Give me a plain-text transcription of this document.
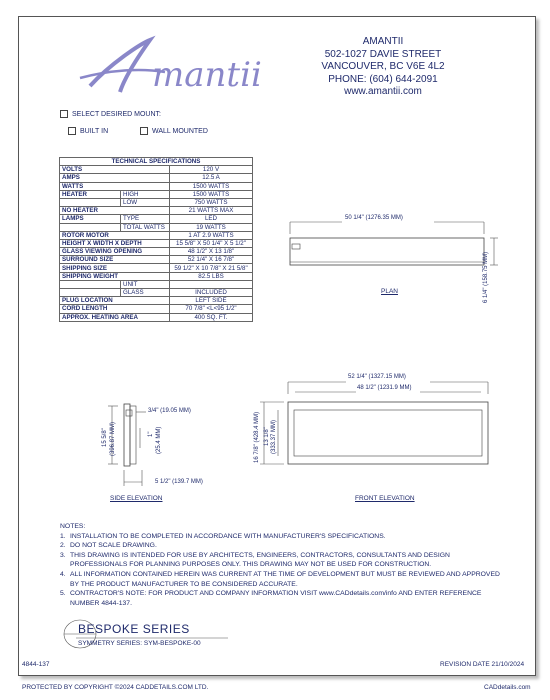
mantii
AMANTII
502-1027 DAVIE STREET
VANCOUVER, BC V6E 4L2
PHONE: (604) 644-2091
www.amantii.com
SELECT DESIRED MOUNT:
BUILT IN	WALL MOUNTED
TECHNICAL SPECIFICATIONS		
VOLTS		120 V
AMPS		12.5 A
WATTS		1500 WATTS
HEATER	HIGH	1500 WATTS
	LOW	750 WATTS
NO HEATER		21 WATTS MAX
LAMPS	TYPE	LED
	TOTAL WATTS	19 WATTS
ROTOR MOTOR		1 AT 2.9 WATTS
HEIGHT X WIDTH X DEPTH		15 5/8" X 50 1/4" X 5 1/2"
GLASS VIEWING OPENING		48 1/2" X 13 1/8"
SURROUND SIZE		52 1/4" X 16 7/8"
SHIPPING SIZE		59 1/2" X 10 7/8" X 21 5/8"
SHIPPING WEIGHT		82.5 LBS
	UNIT	
	GLASS	INCLUDED
PLUG LOCATION		LEFT SIDE
CORD LENGTH		70 7/8" <L<95 1/2"
APPROX. HEATING AREA		400 SQ. FT.
50 1/4" (1276.35 MM)
6 1/4" (158.75 MM)
PLAN
15 5/8" (396.87 MM)
3/4" (19.05 MM)
1" (25.4 MM)
5 1/2" (139.7 MM)
SIDE ELEVATION
52 1/4" (1327.15 MM)
48 1/2" (1231.9 MM)
16 7/8" (428.4 MM) 13 1/8" (333.37 MM)
FRONT ELEVATION
NOTES:
1. INSTALLATION TO BE COMPLETED IN ACCORDANCE WITH MANUFACTURER'S SPECIFICATIONS.
2. DO NOT SCALE DRAWING.
3. THIS DRAWING IS INTENDED FOR USE BY ARCHITECTS, ENGINEERS, CONTRACTORS, CONSULTANTS AND DESIGN PROFESSIONALS FOR PLANNING PURPOSES ONLY. THIS DRAWING MAY NOT BE USED FOR CONSTRUCTION.
4. ALL INFORMATION CONTAINED HEREIN WAS CURRENT AT THE TIME OF DEVELOPMENT BUT MUST BE REVIEWED AND APPROVED BY THE PRODUCT MANUFACTURER TO BE CONSIDERED ACCURATE.
5. CONTRACTOR'S NOTE: FOR PRODUCT AND COMPANY INFORMATION VISIT www.CADdetails.com/info AND ENTER REFERENCE NUMBER 4844-137.
BESPOKE SERIES
SYMMETRY SERIES: SYM-BESPOKE-00
4844-137	REVISION DATE 21/10/2024
PROTECTED BY COPYRIGHT ©2024 CADDETAILS.COM LTD.	CADdetails.com
